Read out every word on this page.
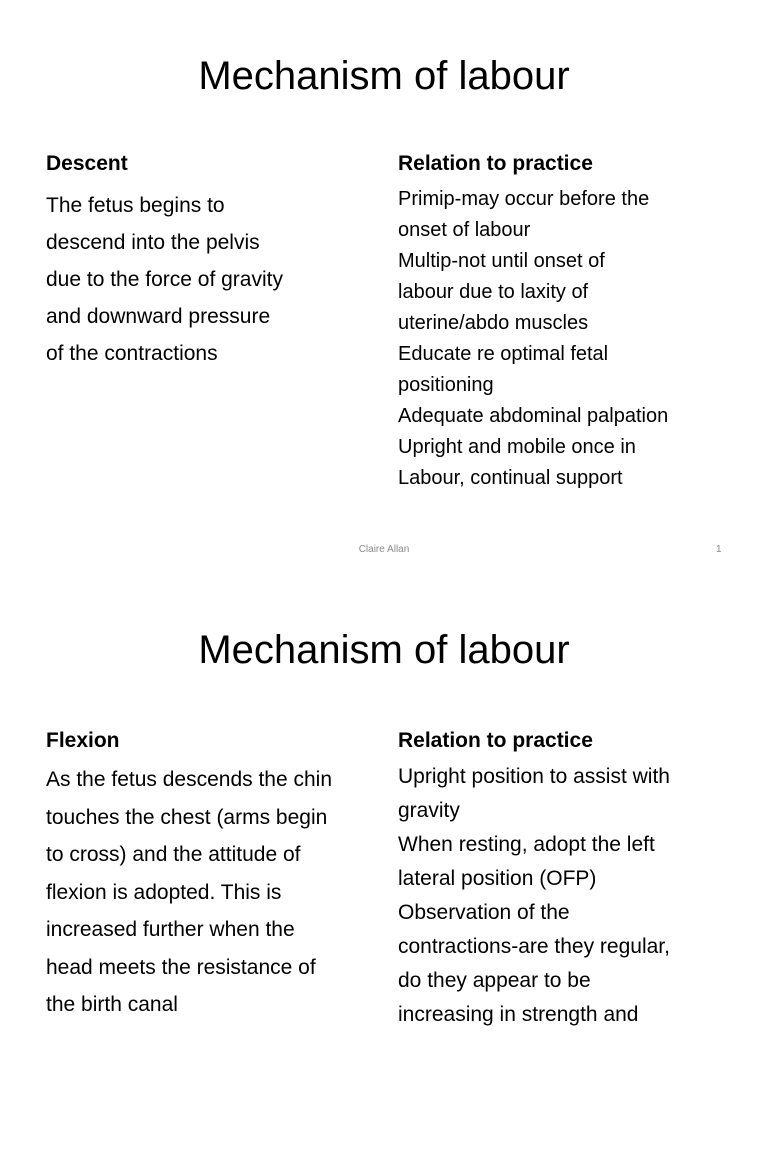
Mechanism of labour
Descent
The fetus begins to
descend into the pelvis
due to the force of gravity
and downward pressure
of the contractions
Relation to practice
Primip-may occur before the
onset of labour
Multip-not until onset of
labour due to laxity of
uterine/abdo muscles
Educate re optimal fetal
positioning
Adequate abdominal palpation
Upright and mobile once in
Labour, continual support
Claire Allan	1
Mechanism of labour
Flexion
As the fetus descends the chin
touches the chest (arms begin
to cross) and the attitude of
flexion is adopted. This is
increased further when the
head meets the resistance of
the birth canal
Relation to practice
Upright position to assist with
gravity
When resting, adopt the left
lateral position (OFP)
Observation of the
contractions-are they regular,
do they appear to be
increasing in strength and
